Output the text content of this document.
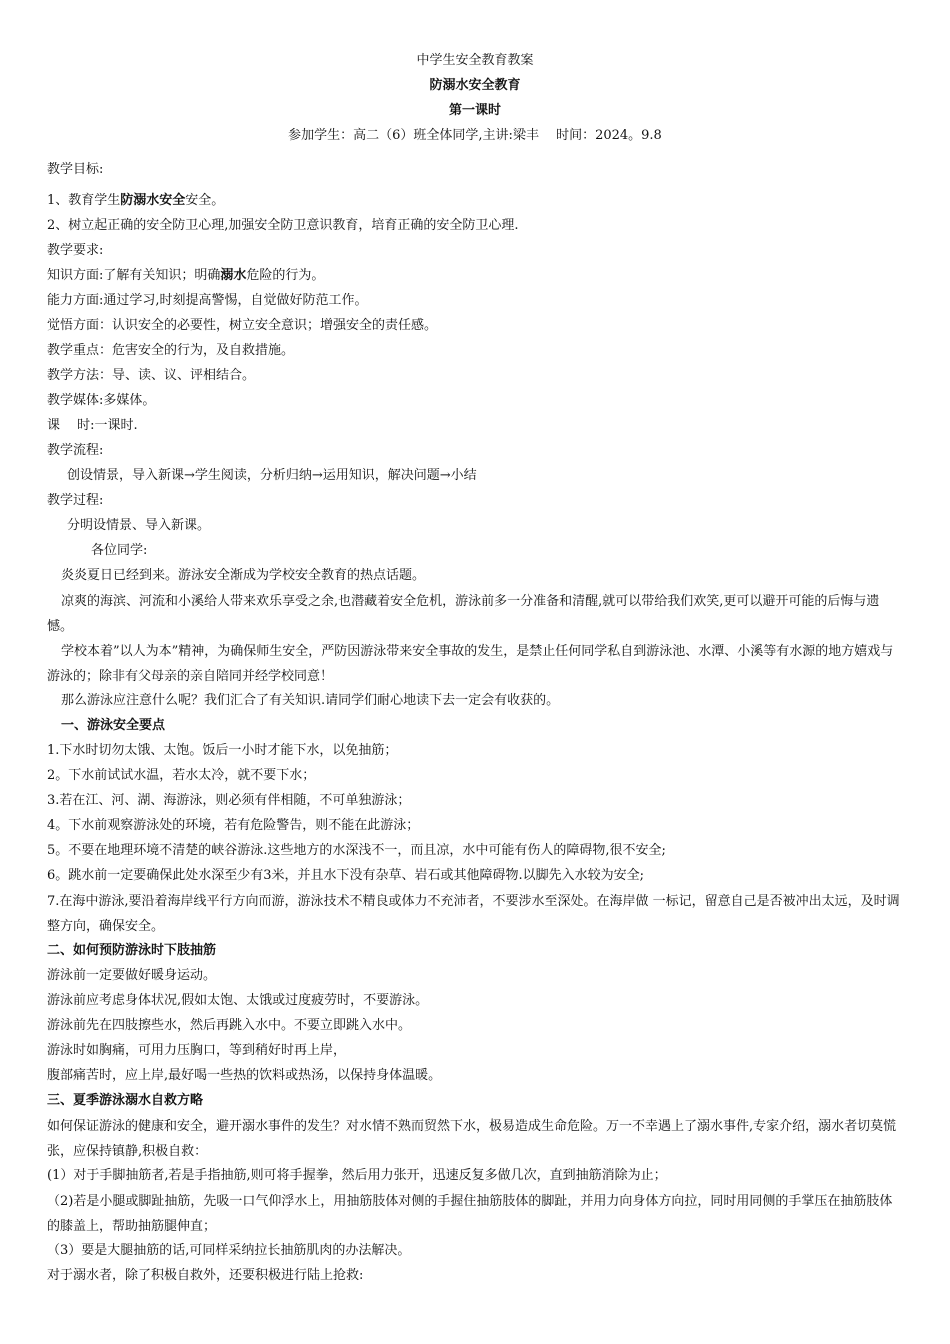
中学生安全教育教案
防溺水安全教育
第一课时
参加学生：高二（6）班全体同学,主讲:梁丰　 时间：2024。9.8
教学目标:
1、教育学生防溺水安全安全。
2、树立起正确的安全防卫心理,加强安全防卫意识教育，培育正确的安全防卫心理.
教学要求:
知识方面:了解有关知识；明确溺水危险的行为。
能力方面:通过学习,时刻提高警惕，自觉做好防范工作。
觉悟方面：认识安全的必要性，树立安全意识；增强安全的责任感。
教学重点：危害安全的行为，及自救措施。
教学方法：导、读、议、评相结合。
教学媒体:多媒体。
课　 时:一课时.
教学流程:
创设情景，导入新课→学生阅读，分析归纳→运用知识，解决问题→小结
教学过程:
分明设情景、导入新课。
各位同学:
炎炎夏日已经到来。游泳安全渐成为学校安全教育的热点话题。
凉爽的海滨、河流和小溪给人带来欢乐享受之余,也潜藏着安全危机，游泳前多一分准备和清醒,就可以带给我们欢笑,更可以避开可能的后悔与遗憾。
学校本着”以人为本”精神，为确保师生安全，严防因游泳带来安全事故的发生，是禁止任何同学私自到游泳池、水潭、小溪等有水源的地方嬉戏与游泳的；除非有父母亲的亲自陪同并经学校同意！
那么游泳应注意什么呢？我们汇合了有关知识.请同学们耐心地读下去一定会有收获的。
一、游泳安全要点
1.下水时切勿太饿、太饱。饭后一小时才能下水，以免抽筋；
2。下水前试试水温，若水太冷，就不要下水；
3.若在江、河、湖、海游泳，则必须有伴相随，不可单独游泳；
4。下水前观察游泳处的环境，若有危险警告，则不能在此游泳；
5。不要在地理环境不清楚的峡谷游泳.这些地方的水深浅不一，而且凉，水中可能有伤人的障碍物,很不安全;
6。跳水前一定要确保此处水深至少有3米，并且水下没有杂草、岩石或其他障碍物.以脚先入水较为安全;
7.在海中游泳,要沿着海岸线平行方向而游，游泳技术不精良或体力不充沛者，不要涉水至深处。在海岸做 一标记，留意自己是否被冲出太远，及时调整方向，确保安全。
二、如何预防游泳时下肢抽筋
游泳前一定要做好暖身运动。
游泳前应考虑身体状况,假如太饱、太饿或过度疲劳时，不要游泳。
游泳前先在四肢擦些水，然后再跳入水中。不要立即跳入水中。
游泳时如胸痛，可用力压胸口，等到稍好时再上岸，
腹部痛苦时，应上岸,最好喝一些热的饮料或热汤，以保持身体温暖。
三、夏季游泳溺水自救方略
如何保证游泳的健康和安全，避开溺水事件的发生？对水情不熟而贸然下水，极易造成生命危险。万一不幸遇上了溺水事件,专家介绍，溺水者切莫慌张，应保持镇静,积极自救：
(1）对于手脚抽筋者,若是手指抽筋,则可将手握拳，然后用力张开，迅速反复多做几次，直到抽筋消除为止；
（2)若是小腿或脚趾抽筋，先吸一口气仰浮水上，用抽筋肢体对侧的手握住抽筋肢体的脚趾，并用力向身体方向拉，同时用同侧的手掌压在抽筋肢体的膝盖上，帮助抽筋腿伸直；
（3）要是大腿抽筋的话,可同样采纳拉长抽筋肌肉的办法解决。
对于溺水者，除了积极自救外，还要积极进行陆上抢救:
